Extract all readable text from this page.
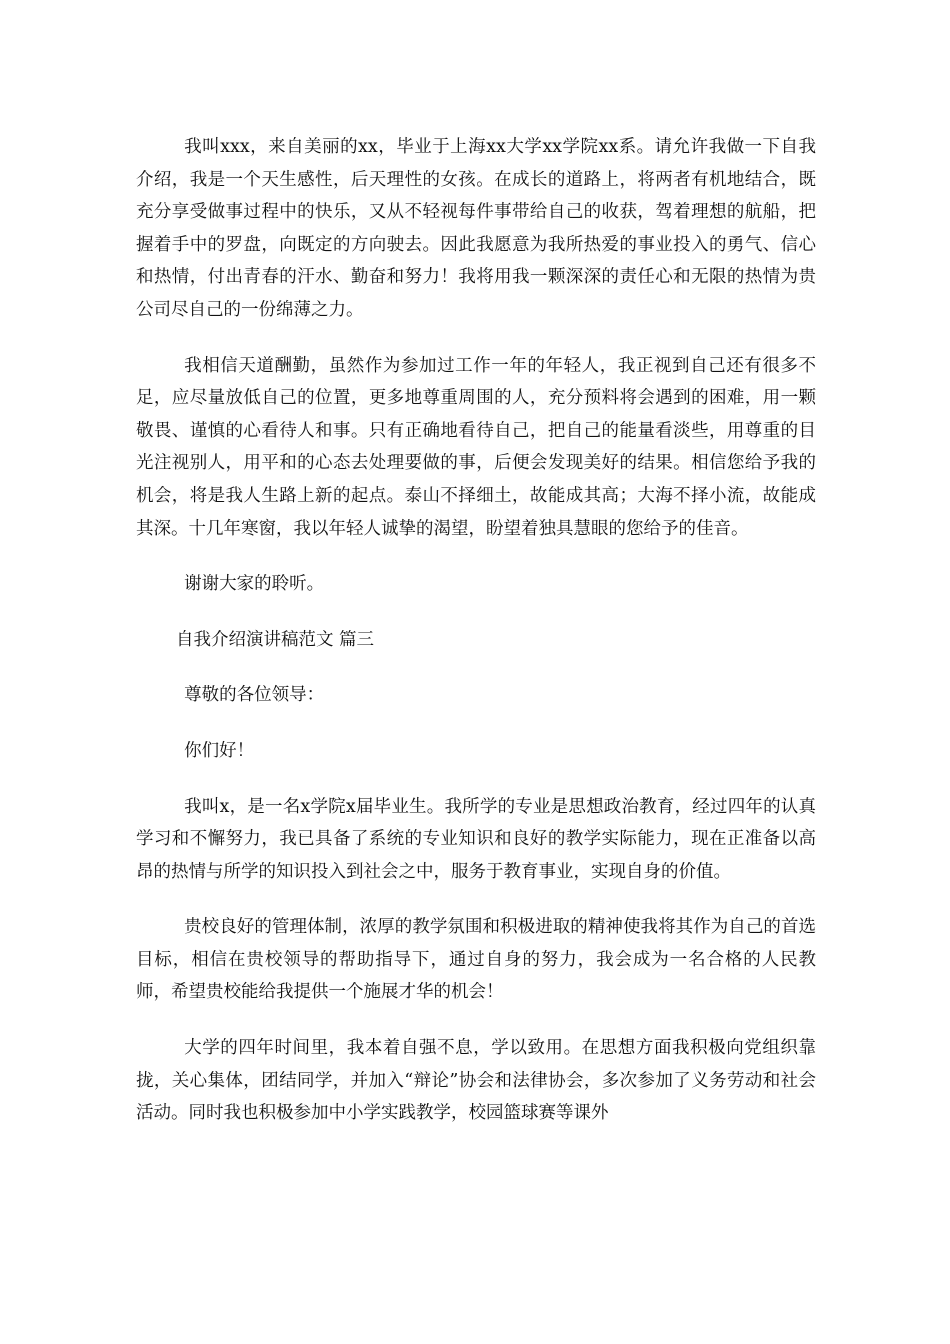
我叫xxx，来自美丽的xx，毕业于上海xx大学xx学院xx系。请允许我做一下自我介绍，我是一个天生感性，后天理性的女孩。在成长的道路上，将两者有机地结合，既充分享受做事过程中的快乐，又从不轻视每件事带给自己的收获，驾着理想的航船，把握着手中的罗盘，向既定的方向驶去。因此我愿意为我所热爱的事业投入的勇气、信心和热情，付出青春的汗水、勤奋和努力！我将用我一颗深深的责任心和无限的热情为贵公司尽自己的一份绵薄之力。

我相信天道酬勤，虽然作为参加过工作一年的年轻人，我正视到自己还有很多不足，应尽量放低自己的位置，更多地尊重周围的人，充分预料将会遇到的困难，用一颗敬畏、谨慎的心看待人和事。只有正确地看待自己，把自己的能量看淡些，用尊重的目光注视别人，用平和的心态去处理要做的事，后便会发现美好的结果。相信您给予我的机会，将是我人生路上新的起点。泰山不择细土，故能成其高；大海不择小流，故能成其深。十几年寒窗，我以年轻人诚挚的渴望，盼望着独具慧眼的您给予的佳音。

谢谢大家的聆听。

自我介绍演讲稿范文 篇三

尊敬的各位领导：

你们好！

我叫x，是一名x学院x届毕业生。我所学的专业是思想政治教育，经过四年的认真学习和不懈努力，我已具备了系统的专业知识和良好的教学实际能力，现在正准备以高昂的热情与所学的知识投入到社会之中，服务于教育事业，实现自身的价值。

贵校良好的管理体制，浓厚的教学氛围和积极进取的精神使我将其作为自己的首选目标，相信在贵校领导的帮助指导下，通过自身的努力，我会成为一名合格的人民教师，希望贵校能给我提供一个施展才华的机会！

大学的四年时间里，我本着自强不息，学以致用。在思想方面我积极向党组织靠拢，关心集体，团结同学，并加入“辩论”协会和法律协会，多次参加了义务劳动和社会活动。同时我也积极参加中小学实践教学，校园篮球赛等课外
